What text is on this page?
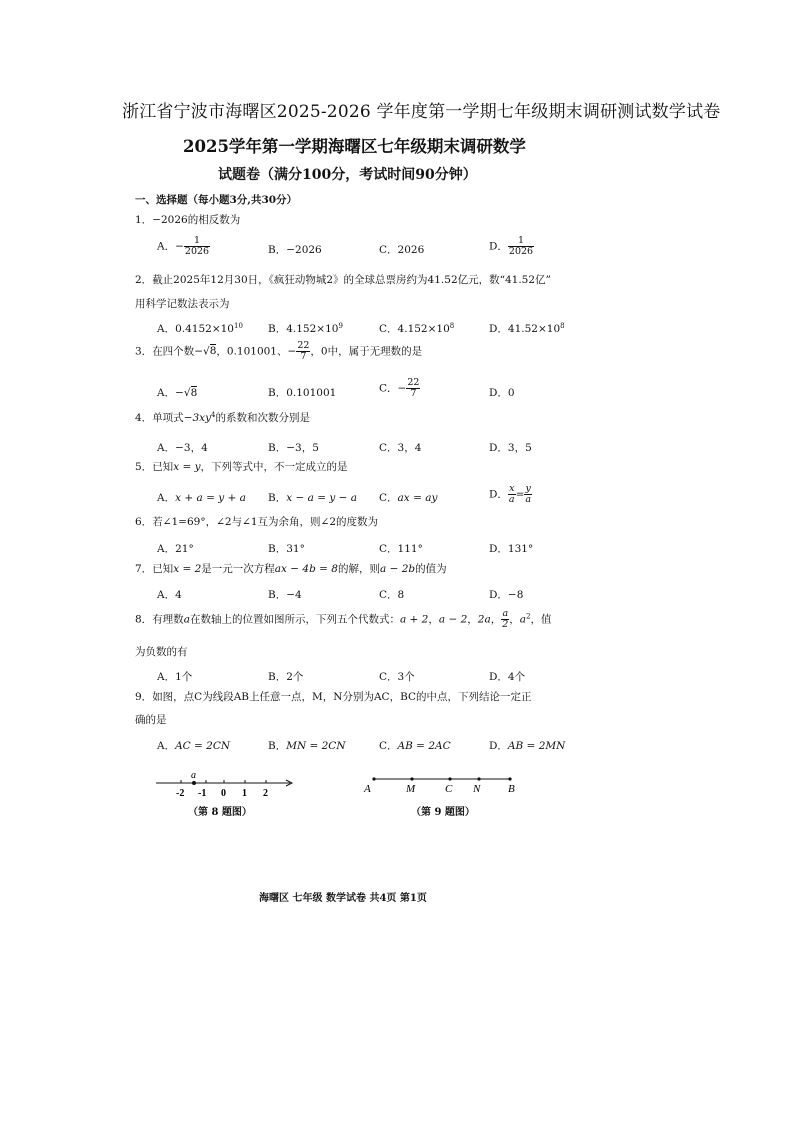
浙江省宁波市海曙区2025-2026 学年度第一学期七年级期末调研测试数学试卷
2025学年第一学期海曙区七年级期末调研数学
试题卷（满分100分，考试时间90分钟）
一、选择题（每小题3分,共30分）
1．−2026的相反数为
A．− $\frac{1}{2026}$	B．−2026	C．2026	D． $\frac{1}{2026}$
2．截止2025年12月30日，《疯狂动物城2》的全球总票房约为41.52亿元，数“41.52亿”
用科学记数法表示为
A．$0.4152\times 10^{10}$ B．$4.152\times 10^9$	C．$4.152\times 10^8$	D．$41.52\times 10^8$
3．在四个数−√8，0.101001、− $\frac{22}{7}$ ，0中，属于无理数的是
A．−√8	B．0.101001	C．− $\frac{22}{7}$	D．0
4．单项式$-3xy^4$的系数和次数分别是
A．−3，4	B．−3，5	C．3，4	D．3，5
5．已知x = y，下列等式中，不一定成立的是
A．x + a = y + a B．x − a = y − a C．ax = ay	D． $\frac{x}{a} = \frac{y}{a}$
6．若∠1=69°，∠2与∠1互为余角，则∠2的度数为
A．21°	B．31°	C．111°	D．131°
7．已知x = 2是一元一次方程ax − 4b = 8的解，则a − 2b的值为
A．4	B．−4	C．8	D．−8
8．有理数a在数轴上的位置如图所示，下列五个代数式：a + 2，a − 2，2a， $\frac{a}{2}$ ，$a^2$，值
为负数的有
A．1个	B．2个	C．3个	D．4个
9．如图，点C为线段AB上任意一点，M，N分别为AC，BC的中点，下列结论一定正
确的是
A．AC = 2CN	B．MN = 2CN	C．AB = 2AC	D．AB = 2MN
a
-2 -1 0 1 2
（第 8 题图）
A	M	C N	B
（第 9 题图）
海曙区 七年级 数学试卷 共4页 第1页
